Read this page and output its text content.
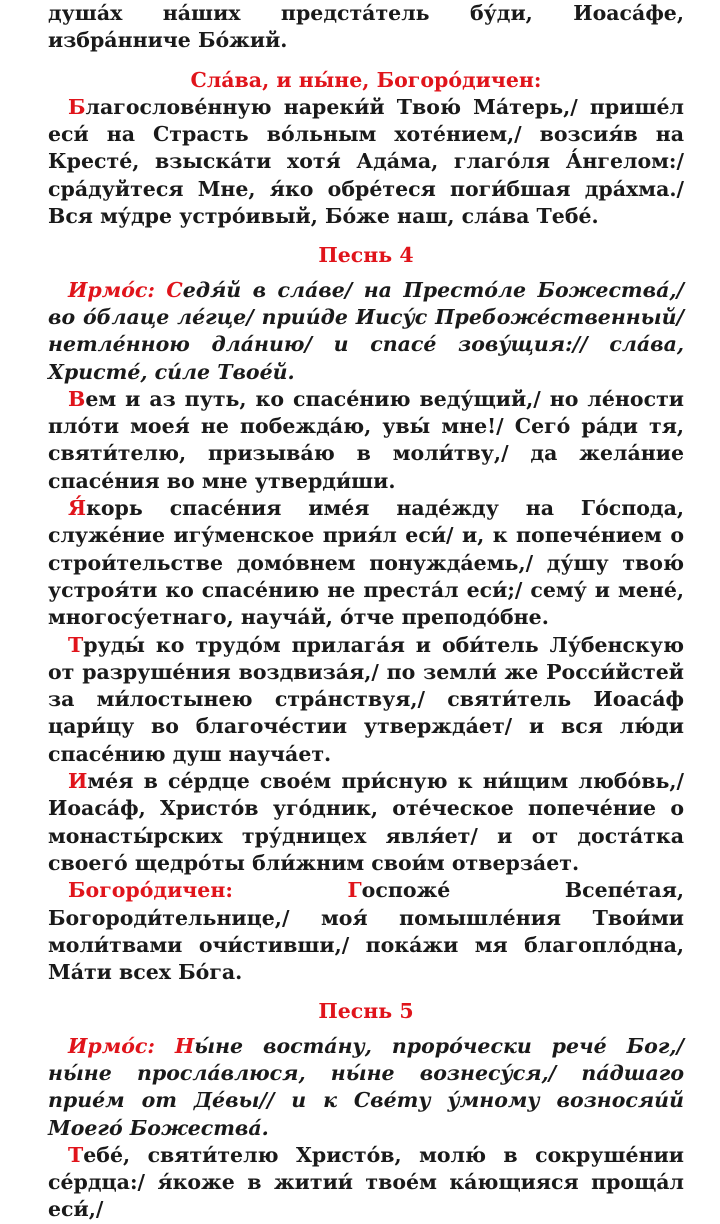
душа́х на́ших предста́тель бу́ди, Иоаса́фе, избра́нниче Бо́жий.

Сла́ва, и ны́не, Богоро́дичен:

Благослове́нную нареки́й Твою́ Ма́терь,/ пришéл еси́ на Страсть во́льным хоте́нием,/ возсия́в на Кресте́, взыска́ти хотя́ Ада́ма, глаго́ля А́нгелом:/ сра́дуйтеся Мне, я́ко обре́теся поги́бшая дра́хма./ Вся му́дре устро́ивый, Бо́же наш, сла́ва Тебе́.

Песнь 4

Ирмо́с: Седя́й в сла́ве/ на Престо́ле Божества́,/ во о́блаце ле́гце/ прии́де Иису́с Пребоже́ственный/ нетле́нною дла́нию/ и спасе́ зову́щия:// сла́ва, Христе́, си́ле Твое́й.

Вем и аз путь, ко спасе́нию веду́щий,/ но ле́ности пло́ти моея́ не побежда́ю, увы́ мне!/ Сего́ ра́ди тя, святи́телю, призыва́ю в моли́тву,/ да жела́ние спасе́ния во мне утверди́ши.

Я́корь спасе́ния име́я наде́жду на Го́спода, служе́ние игу́менское прия́л еси́/ и, к попече́нием о строи́тельстве домо́внем понужда́емь,/ ду́шу твою́ устроя́ти ко спасе́нию не преста́л еси́;/ сему́ и мене́, многосу́етнаго, науча́й, о́тче преподо́бне.

Труды́ ко трудо́м прилага́я и оби́тель Лу́бенскую от разруше́ния воздвиза́я,/ по земли́ же Росси́йстей за ми́лостынею стра́нствуя,/ святи́тель Иоаса́ф цари́цу во благоче́стии утвержда́ет/ и вся лю́ди спасе́нию душ науча́ет.

Име́я в се́рдце свое́м при́сную к ни́щим любо́вь,/ Иоаса́ф, Христо́в уго́дник, оте́ческое попече́ние о монасты́рских тру́дницех явля́ет/ и от доста́тка своего́ щедро́ты бли́жним свои́м отверза́ет.

Богоро́дичен: Госпоже́ Всепе́тая, Богороди́тельнице,/ моя́ помышле́ния Твои́ми моли́твами очи́стивши,/ пока́жи мя благопло́дна, Ма́ти всех Бо́га.

Песнь 5

Ирмо́с: Ны́не воста́ну, проро́чески рече́ Бог,/ ны́не просла́влюся, ны́не вознесу́ся,/ па́дшаго прие́м от Де́вы// и к Све́ту у́мному возносяи́й Моего́ Божества́.

Тебе́, святи́телю Христо́в, молю́ в сокруше́нии се́рдца:/ я́коже в житии́ твое́м ка́ющияся проща́л еси́,/
